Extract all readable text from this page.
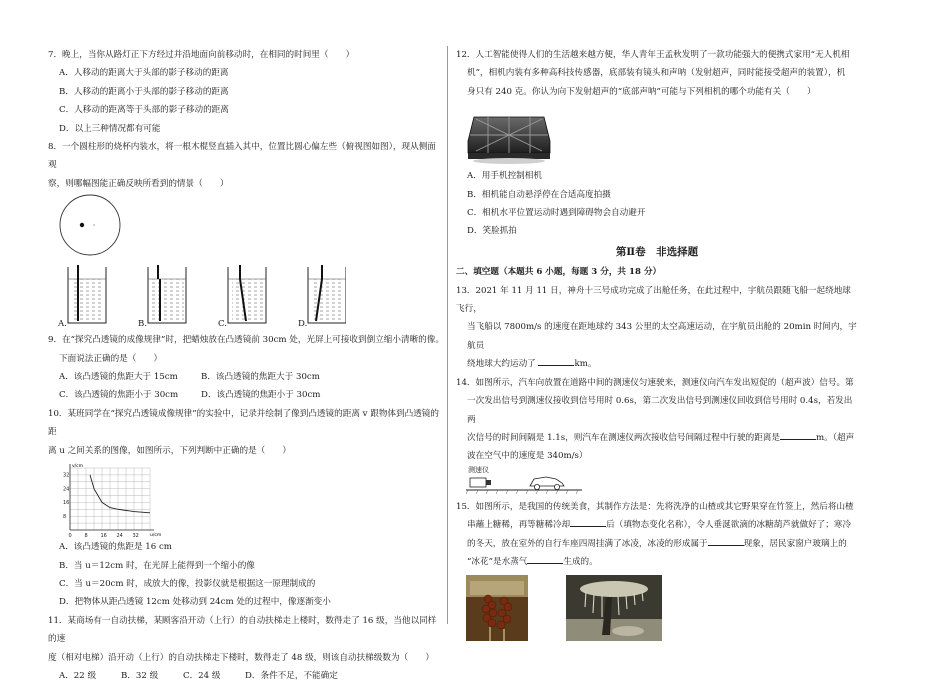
7．晚上，当你从路灯正下方经过并沿地面向前移动时，在相同的时间里（　　）

A．人移动的距离大于头部的影子移动的距离

B．人移动的距离小于头部的影子移动的距离

C．人移动的距离等于头部的影子移动的距离

D．以上三种情况都有可能

8．一个圆柱形的烧杯内装水，将一根木棍竖直插入其中，位置比圆心偏左些（俯视图如图），现从侧面观

察，则哪幅图能正确反映所看到的情景（　　）

A.	B.	C.	D.

9．在“探究凸透镜的成像规律”时，把蜡烛放在凸透镜前 30cm 处，光屏上可接收到倒立缩小清晰的像。

下面说法正确的是（　　）

A．该凸透镜的焦距大于 15cm	B．该凸透镜的焦距大于 30cm
C．该凸透镜的焦距小于 30cm	D．该凸透镜的焦距小于 30cm

10．某班同学在“探究凸透镜成像规律”的实验中，记录并绘制了像到凸透镜的距离 v 跟物体到凸透镜的距

离 u 之间关系的图像，如图所示，下列判断中正确的是（　　）

0	8	16 24 32
8
16
24
32
v/cm
u/cm

A．该凸透镜的焦距是 16 cm

B．当 u＝12cm 时，在光屏上能得到一个缩小的像

C．当 u＝20cm 时，成放大的像，投影仪就是根据这一原理制成的

D．把物体从距凸透镜 12cm 处移动到 24cm 处的过程中，像逐渐变小

11．某商场有一自动扶梯，某顾客沿开动（上行）的自动扶梯走上楼时，数得走了 16 级，当他以同样的速

度（相对电梯）沿开动（上行）的自动扶梯走下楼时，数得走了 48 级，则该自动扶梯级数为（　　）

A．22 级	B．32 级	C．24 级	D．条件不足，不能确定

12．人工智能使得人们的生活越来越方便，华人青年王孟秋发明了一款功能强大的便携式家用“无人机相

机”，相机内装有多种高科技传感器，底部装有镜头和声呐（发射超声，同时能接受超声的装置），机

身只有 240 克。你认为向下发射超声的“底部声呐”可能与下列相机的哪个功能有关（　　）

A．用手机控制相机

B．相机能自动悬浮停在合适高度拍摄

C．相机水平位置运动时遇到障碍物会自动避开

D．笑脸抓拍

第Ⅱ卷　非选择题

二、填空题（本题共 6 小题，每题 3 分，共 18 分）

13．2021 年 11 月 11 日，神舟十三号成功完成了出舱任务，在此过程中，宇航员跟随飞船一起绕地球飞行，

当飞船以 7800m/s 的速度在距地球约 343 公里的太空高速运动，在宇航员出舱的 20min 时间内，宇航员

绕地球大约运动了	km。

14．如图所示，汽车向放置在道路中间的测速仪匀速驶来，测速仪向汽车发出短促的（超声波）信号。第

一次发出信号到测速仪接收到信号用时 0.6s，第二次发出信号到测速仪回收到信号用时 0.4s，若发出两

次信号的时间间隔是 1.1s，则汽车在测速仪两次接收信号间隔过程中行驶的距离是	m。（超声

波在空气中的速度是 340m/s）

测速仪

15．如图所示，是我国的传统美食，其制作方法是：先将洗净的山楂或其它野果穿在竹签上，然后将山楂

串蘸上糖稀，再等糖稀冷却	后（填物态变化名称），令人垂涎欲滴的冰糖葫芦就做好了；寒冷

的冬天，放在室外的自行车座四周挂满了冰凌，冰凌的形成属于	现象，居民家窗户玻璃上的

“冰花”是水蒸气	生成的。
